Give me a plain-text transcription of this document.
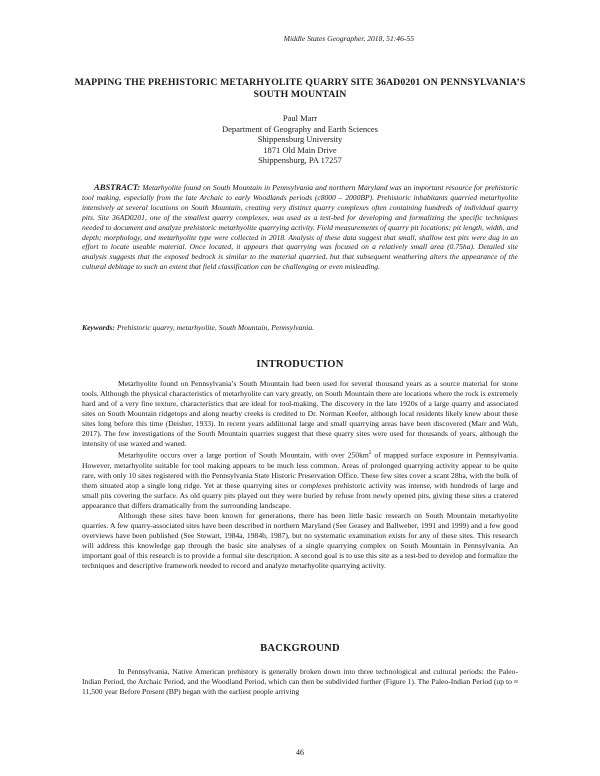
Middle States Geographer, 2018, 51:46-55
MAPPING THE PREHISTORIC METARHYOLITE QUARRY SITE 36AD0201 ON PENNSYLVANIA’S SOUTH MOUNTAIN
Paul Marr
Department of Geography and Earth Sciences
Shippensburg University
1871 Old Main Drive
Shippensburg, PA 17257
ABSTRACT: Metarhyolite found on South Mountain in Pennsylvania and northern Maryland was an important resource for prehistoric tool making, especially from the late Archaic to early Woodlands periods (c8000 – 2000BP). Prehistoric inhabitants quarried metarhyolite intensively at several locations on South Mountain, creating very distinct quarry complexes often containing hundreds of individual quarry pits. Site 36AD0201, one of the smallest quarry complexes, was used as a test-bed for developing and formalizing the specific techniques needed to document and analyze prehistoric metarhyolite quarrying activity. Field measurements of quarry pit locations; pit length, width, and depth; morphology, and metarhyolite type were collected in 2018. Analysis of these data suggest that small, shallow test pits were dug in an effort to locate useable material. Once located, it appears that quarrying was focused on a relatively small area (0.75ha). Detailed site analysis suggests that the exposed bedrock is similar to the material quarried, but that subsequent weathering alters the appearance of the cultural debitage to such an extent that field classification can be challenging or even misleading.
Keywords: Prehistoric quarry, metarhyolite, South Mountain, Pennsylvania.
INTRODUCTION

Metarhyolite found on Pennsylvania’s South Mountain had been used for several thousand years as a source material for stone tools. Although the physical characteristics of metarhyolite can vary greatly, on South Mountain there are locations where the rock is extremely hard and of a very fine texture, characteristics that are ideal for tool-making. The discovery in the late 1920s of a large quarry and associated sites on South Mountain ridgetops and along nearby creeks is credited to Dr. Norman Keefer, although local residents likely knew about these sites long before this time (Deisher, 1933). In recent years additional large and small quarrying areas have been discovered (Marr and Wah, 2017). The few investigations of the South Mountain quarries suggest that these quarry sites were used for thousands of years, although the intensity of use waxed and waned.

Metarhyolite occurs over a large portion of South Mountain, with over $250km^2$ of mapped surface exposure in Pennsylvania. However, metarhyolite suitable for tool making appears to be much less common. Areas of prolonged quarrying activity appear to be quite rare, with only 10 sites registered with the Pennsylvania State Historic Preservation Office. These few sites cover a scant 28ha, with the bulk of them situated atop a single long ridge. Yet at these quarrying sites or complexes prehistoric activity was intense, with hundreds of large and small pits covering the surface. As old quarry pits played out they were buried by refuse from newly opened pits, giving these sites a cratered appearance that differs dramatically from the surrounding landscape.

Although these sites have been known for generations, there has been little basic research on South Mountain metarhyolite quarries. A few quarry-associated sites have been described in northern Maryland (See Geasey and Ballweber, 1991 and 1999) and a few good overviews have been published (See Stewart, 1984a, 1984b, 1987), but no systematic examination exists for any of these sites. This research will address this knowledge gap through the basic site analyses of a single quarrying complex on South Mountain in Pennsylvania. An important goal of this research is to provide a formal site description. A second goal is to use this site as a test-bed to develop and formalize the techniques and descriptive framework needed to record and analyze metarhyolite quarrying activity.

BACKGROUND

In Pennsylvania, Native American prehistory is generally broken down into three technological and cultural periods: the Paleo-Indian Period, the Archaic Period, and the Woodland Period, which can then be subdivided further (Figure 1). The Paleo-Indian Period (up to ≈ 11,500 year Before Present (BP) began with the earliest people arriving

46
